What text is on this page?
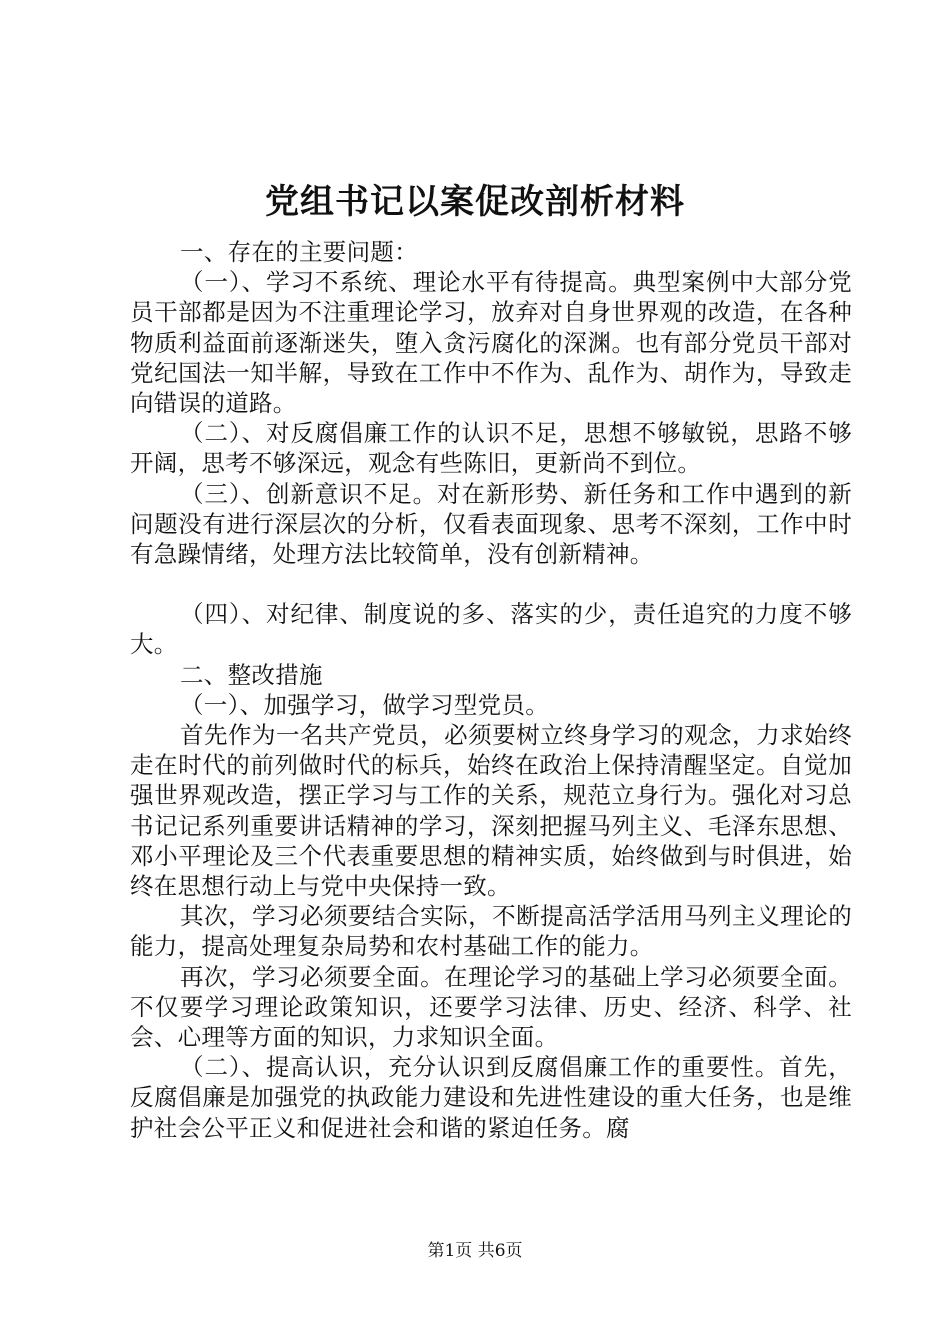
党组书记以案促改剖析材料

一、存在的主要问题：

（一）、学习不系统、理论水平有待提高。典型案例中大部分党员干部都是因为不注重理论学习，放弃对自身世界观的改造，在各种物质利益面前逐渐迷失，堕入贪污腐化的深渊。也有部分党员干部对党纪国法一知半解，导致在工作中不作为、乱作为、胡作为，导致走向错误的道路。

（二）、对反腐倡廉工作的认识不足，思想不够敏锐，思路不够开阔，思考不够深远，观念有些陈旧，更新尚不到位。

（三）、创新意识不足。对在新形势、新任务和工作中遇到的新问题没有进行深层次的分析，仅看表面现象、思考不深刻，工作中时有急躁情绪，处理方法比较简单，没有创新精神。

（四）、对纪律、制度说的多、落实的少，责任追究的力度不够大。

二、整改措施

（一）、加强学习，做学习型党员。

首先作为一名共产党员，必须要树立终身学习的观念，力求始终走在时代的前列做时代的标兵，始终在政治上保持清醒坚定。自觉加强世界观改造，摆正学习与工作的关系，规范立身行为。强化对习总书记记系列重要讲话精神的学习，深刻把握马列主义、毛泽东思想、邓小平理论及三个代表重要思想的精神实质，始终做到与时俱进，始终在思想行动上与党中央保持一致。

其次，学习必须要结合实际，不断提高活学活用马列主义理论的能力，提高处理复杂局势和农村基础工作的能力。

再次，学习必须要全面。在理论学习的基础上学习必须要全面。不仅要学习理论政策知识，还要学习法律、历史、经济、科学、社会、心理等方面的知识，力求知识全面。

（二）、提高认识，充分认识到反腐倡廉工作的重要性。首先，反腐倡廉是加强党的执政能力建设和先进性建设的重大任务，也是维护社会公平正义和促进社会和谐的紧迫任务。腐

第1页 共6页
